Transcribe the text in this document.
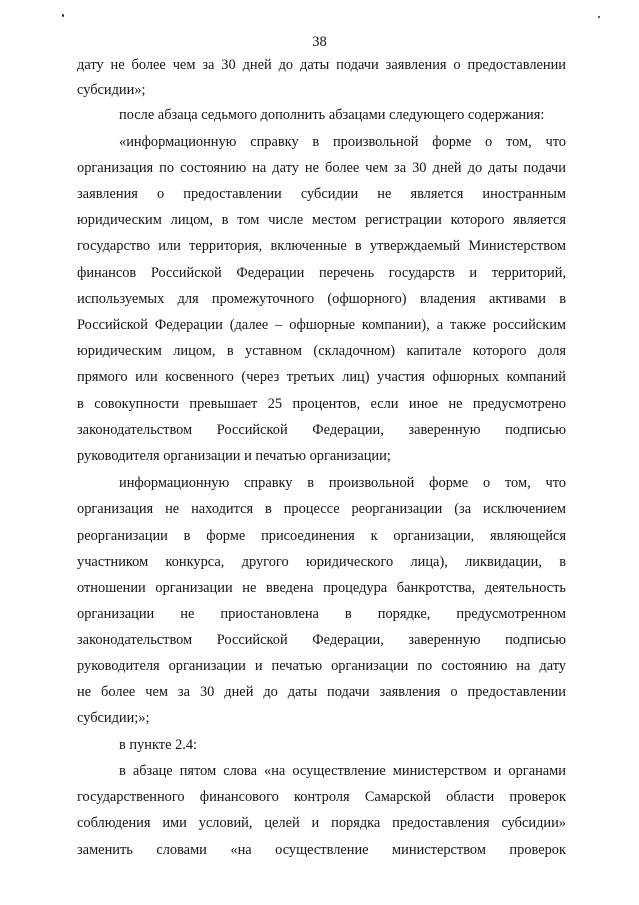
38
дату не более чем за 30 дней до даты подачи заявления о предоставлении
субсидии»;
после абзаца седьмого дополнить абзацами следующего содержания:
«информационную справку в произвольной форме о том, что
организация по состоянию на дату не более чем за 30 дней до даты подачи
заявления о предоставлении субсидии не является иностранным
юридическим лицом, в том числе местом регистрации которого является
государство или территория, включенные в утверждаемый Министерством
финансов Российской Федерации перечень государств и территорий,
используемых для промежуточного (офшорного) владения активами в
Российской Федерации (далее – офшорные компании), а также российским
юридическим лицом, в уставном (складочном) капитале которого доля
прямого или косвенного (через третьих лиц) участия офшорных компаний
в совокупности превышает 25 процентов, если иное не предусмотрено
законодательством Российской Федерации, заверенную подписью
руководителя организации и печатью организации;
информационную справку в произвольной форме о том, что
организация не находится в процессе реорганизации (за исключением
реорганизации в форме присоединения к организации, являющейся
участником конкурса, другого юридического лица), ликвидации, в
отношении организации не введена процедура банкротства, деятельность
организации не приостановлена в порядке, предусмотренном
законодательством Российской Федерации, заверенную подписью
руководителя организации и печатью организации по состоянию на дату
не более чем за 30 дней до даты подачи заявления о предоставлении
субсидии;»;
в пункте 2.4:
в абзаце пятом слова «на осуществление министерством и органами
государственного финансового контроля Самарской области проверок
соблюдения ими условий, целей и порядка предоставления субсидии»
заменить словами «на осуществление министерством проверок
